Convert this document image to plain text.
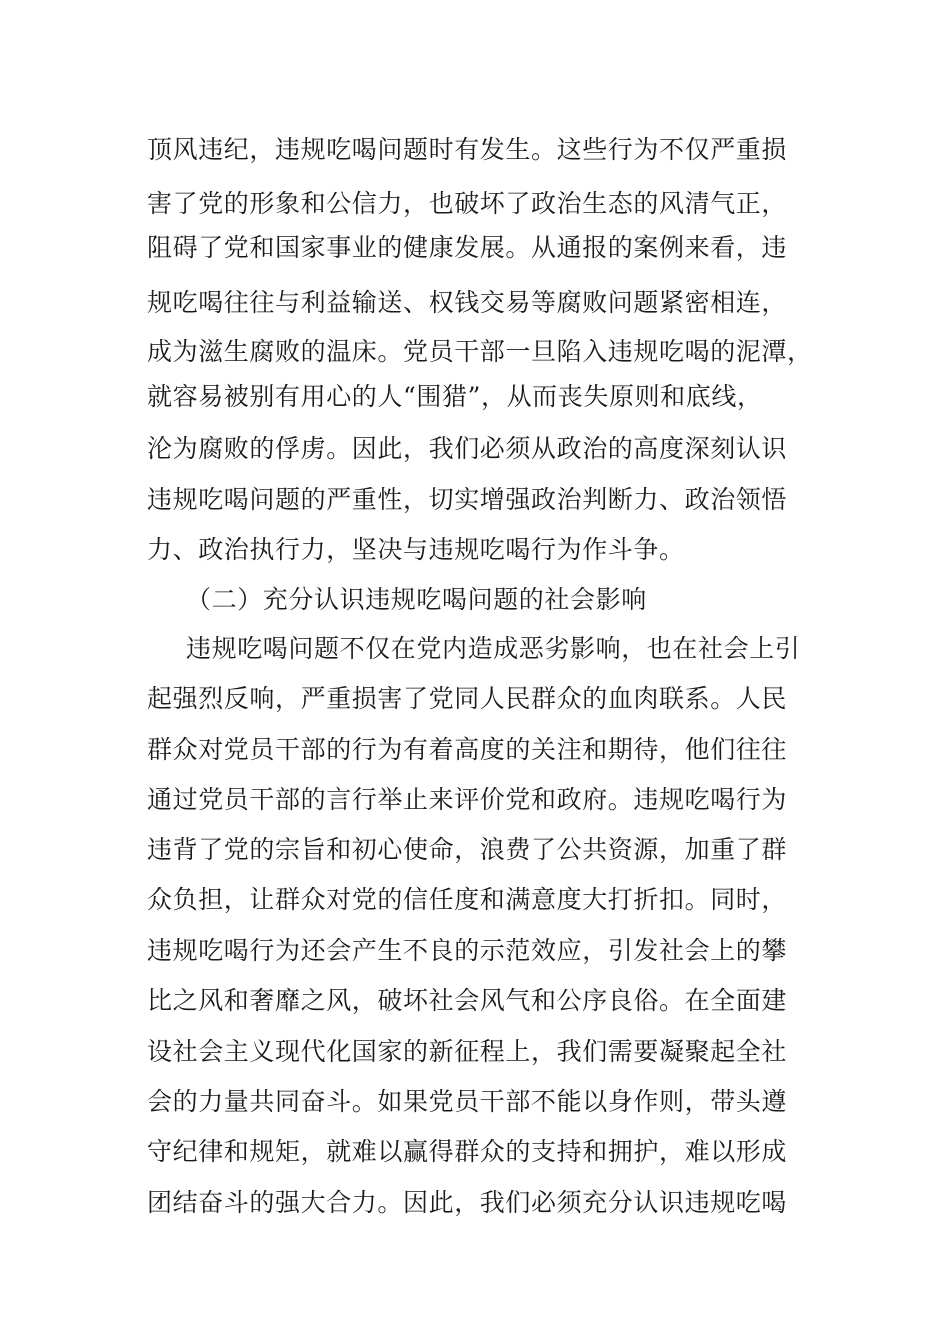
顶风违纪，违规吃喝问题时有发生。这些行为不仅严重损
害了党的形象和公信力，也破坏了政治生态的风清气正，
阻碍了党和国家事业的健康发展。从通报的案例来看，违
规吃喝往往与利益输送、权钱交易等腐败问题紧密相连，
成为滋生腐败的温床。党员干部一旦陷入违规吃喝的泥潭，
就容易被别有用心的人“围猎”，从而丧失原则和底线，
沦为腐败的俘虏。因此，我们必须从政治的高度深刻认识
违规吃喝问题的严重性，切实增强政治判断力、政治领悟
力、政治执行力，坚决与违规吃喝行为作斗争。
（二）充分认识违规吃喝问题的社会影响
违规吃喝问题不仅在党内造成恶劣影响，也在社会上引
起强烈反响，严重损害了党同人民群众的血肉联系。人民
群众对党员干部的行为有着高度的关注和期待，他们往往
通过党员干部的言行举止来评价党和政府。违规吃喝行为
违背了党的宗旨和初心使命，浪费了公共资源，加重了群
众负担，让群众对党的信任度和满意度大打折扣。同时，
违规吃喝行为还会产生不良的示范效应，引发社会上的攀
比之风和奢靡之风，破坏社会风气和公序良俗。在全面建
设社会主义现代化国家的新征程上，我们需要凝聚起全社
会的力量共同奋斗。如果党员干部不能以身作则，带头遵
守纪律和规矩，就难以赢得群众的支持和拥护，难以形成
团结奋斗的强大合力。因此，我们必须充分认识违规吃喝
